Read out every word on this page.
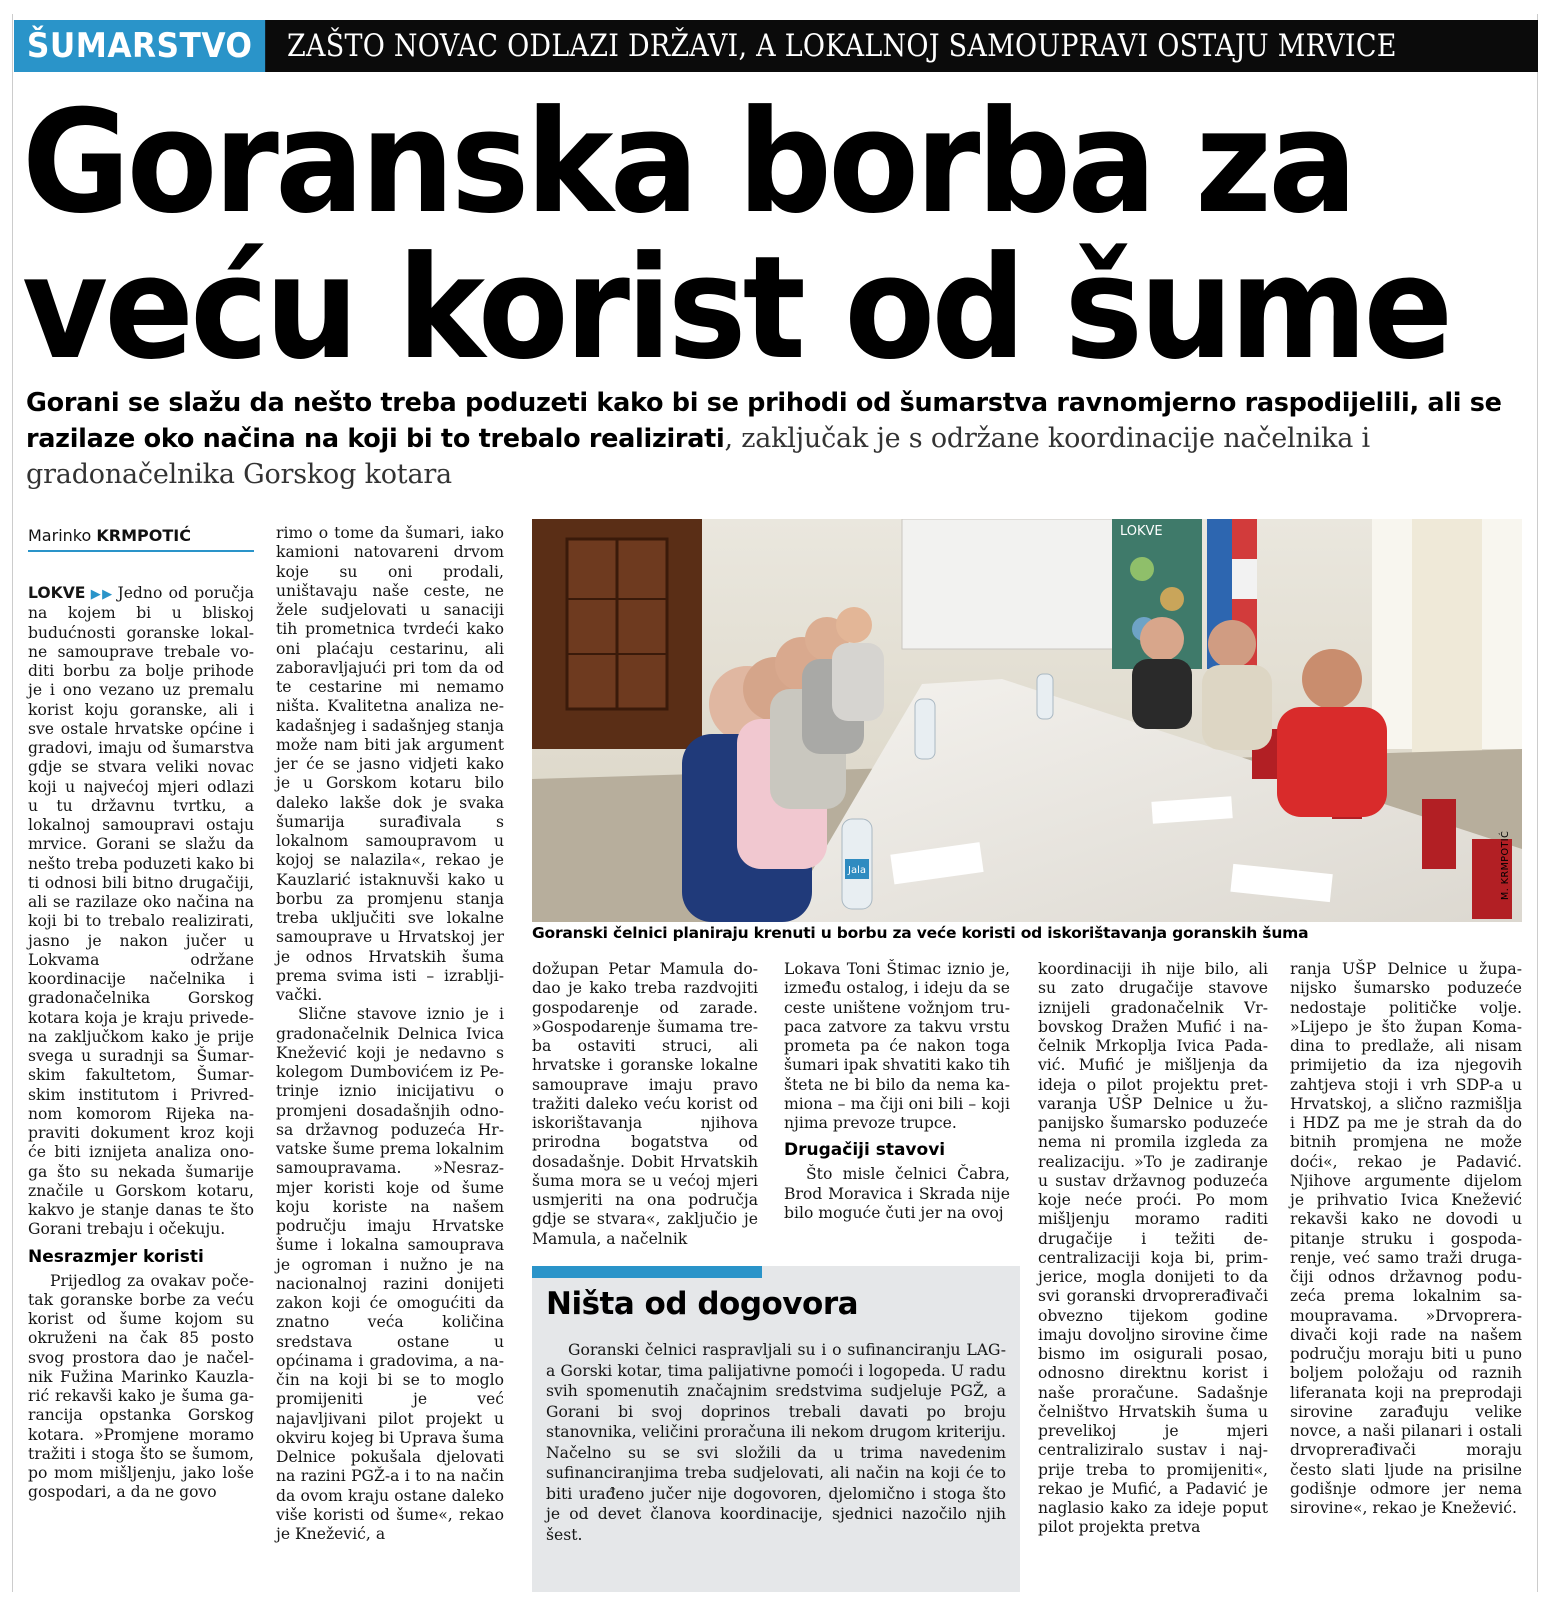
ŠUMARSTVO	ZAŠTO NOVAC ODLAZI DRŽAVI, A LOKALNOJ SAMOUPRAVI OSTAJU MRVICE
Goranska borba za
veću korist od šume
Gorani se slažu da nešto treba poduzeti kako bi se prihodi od šumarstva ravnomjerno raspodijelili, ali se razilaze oko načina na koji bi to trebalo realizirati, zaključak je s održane koordinacije načelnika i gradonačelnika Gorskog kotara
Marinko KRMPOTIĆ

LOKVE ▶▶ Jedno od poručja na kojem bi u bliskoj budućnosti goranske lokalne samouprave trebale voditi borbu za bolje prihode je i ono vezano uz premalu korist koju goranske, ali i sve ostale hrvatske općine i gradovi, imaju od šumarstva gdje se stvara veliki novac koji u najvećoj mjeri odlazi u tu državnu tvrtku, a lokalnoj samoupravi ostaju mrvice. Gorani se slažu da nešto treba poduzeti kako bi ti odnosi bili bitno drugačiji, ali se razilaze oko načina na koji bi to trebalo realizirati, jasno je nakon jučer u Lokvama održane koordinacije načelnika i gradonačelnika Gorskog kotara koja je kraju privedena zaključkom kako je prije svega u suradnji sa Šumarskim fakultetom, Šumarskim institutom i Privrednom komorom Rijeka napraviti dokument kroz koji će biti iznijeta analiza onoga što su nekada šumarije značile u Gorskom kotaru, kakvo je stanje danas te što Gorani trebaju i očekuju.

Nesrazmjer koristi

Prijedlog za ovakav početak goranske borbe za veću korist od šume kojom su okruženi na čak 85 posto svog prostora dao je načelnik Fužina Marinko Kauzlarić rekavši kako je šuma garancija opstanka Gorskog kotara. »Promjene moramo tražiti i stoga što se šumom, po mom mišljenju, jako loše gospodari, a da ne govo

rimo o tome da šumari, iako kamioni natovareni drvom koje su oni prodali, uništavaju naše ceste, ne žele sudjelovati u sanaciji tih prometnica tvrdeći kako oni plaćaju cestarinu, ali zaboravljajući pri tom da od te cestarine mi nemamo ništa. Kvalitetna analiza nekadašnjeg i sadašnjeg stanja može nam biti jak argument jer će se jasno vidjeti kako je u Gorskom kotaru bilo daleko lakše dok je svaka šumarija surađivala s lokalnom samoupravom u kojoj se nalazila«, rekao je Kauzlarić istaknuvši kako u borbu za promjenu stanja treba uključiti sve lokalne samouprave u Hrvatskoj jer je odnos Hrvatskih šuma prema svima isti – izrabljivački.

Slične stavove iznio je i gradonačelnik Delnica Ivica Knežević koji je nedavno s kolegom Dumbovićem iz Petrinje iznio inicijativu o promjeni dosadašnjih odnosa državnog poduzeća Hrvatske šume prema lokalnim samoupravama. »Nesrazmjer koristi koje od šume koju koriste na našem području imaju Hrvatske šume i lokalna samouprava je ogroman i nužno je na nacionalnoj razini donijeti zakon koji će omogućiti da znatno veća količina sredstava ostane u općinama i gradovima, a način na koji bi se to moglo promijeniti je već najavljivani pilot projekt u okviru kojeg bi Uprava šuma Delnice pokušala djelovati na razini PGŽ-a i to na način da ovom kraju ostane daleko više koristi od šume«, rekao je Knežević, a

LOKVE
Jala	M. KRMPOTIĆ
Goranski čelnici planiraju krenuti u borbu za veće koristi od iskorištavanja goranskih šuma

dožupan Petar Mamula dodao je kako treba razdvojiti gospodarenje od zarade. »Gospodarenje šumama treba ostaviti struci, ali hrvatske i goranske lokalne samouprave imaju pravo tražiti daleko veću korist od iskorištavanja njihova prirodna bogatstva od dosadašnje. Dobit Hrvatskih šuma mora se u većoj mjeri usmjeriti na ona područja gdje se stvara«, zaključio je Mamula, a načelnik

Lokava Toni Štimac iznio je, između ostalog, i ideju da se ceste uništene vožnjom trupaca zatvore za takvu vrstu prometa pa će nakon toga šumari ipak shvatiti kako tih šteta ne bi bilo da nema kamiona – ma čiji oni bili – koji njima prevoze trupce.

Drugačiji stavovi

Što misle čelnici Čabra, Brod Moravica i Skrada nije bilo moguće čuti jer na ovoj

Ništa od dogovora

Goranski čelnici raspravljali su i o sufinanciranju LAG-a Gorski kotar, tima palijativne pomoći i logopeda. U radu svih spomenutih značajnim sredstvima sudjeluje PGŽ, a Gorani bi svoj doprinos trebali davati po broju stanovnika, veličini proračuna ili nekom drugom kriteriju. Načelno su se svi složili da u trima navedenim sufinanciranjima treba sudjelovati, ali način na koji će to biti urađeno jučer nije dogovoren, djelomično i stoga što je od devet članova koordinacije, sjednici nazočilo njih šest.

koordinaciji ih nije bilo, ali su zato drugačije stavove iznijeli gradonačelnik Vrbovskog Dražen Mufić i načelnik Mrkoplja Ivica Padavić. Mufić je mišljenja da ideja o pilot projektu pretvaranja UŠP Delnice u županijsko šumarsko poduzeće nema ni promila izgleda za realizaciju. »To je zadiranje u sustav državnog poduzeća koje neće proći. Po mom mišljenju moramo raditi drugačije i težiti decentralizaciji koja bi, primjerice, mogla donijeti to da svi goranski drvoprerađivači obvezno tijekom godine imaju dovoljno sirovine čime bismo im osigurali posao, odnosno direktnu korist i naše proračune. Sadašnje čelništvo Hrvatskih šuma u prevelikoj je mjeri centraliziralo sustav i najprije treba to promijeniti«, rekao je Mufić, a Padavić je naglasio kako za ideje poput pilot projekta pretva

ranja UŠP Delnice u županijsko šumarsko poduzeće nedostaje političke volje. »Lijepo je što župan Komadina to predlaže, ali nisam primijetio da iza njegovih zahtjeva stoji i vrh SDP-a u Hrvatskoj, a slično razmišlja i HDZ pa me je strah da do bitnih promjena ne može doći«, rekao je Padavić. Njihove argumente dijelom je prihvatio Ivica Knežević rekavši kako ne dovodi u pitanje struku i gospodarenje, već samo traži drugačiji odnos državnog poduzeća prema lokalnim samoupravama. »Drvopreradivači koji rade na našem području moraju biti u puno boljem položaju od raznih liferanata koji na preprodaji sirovine zarađuju velike novce, a naši pilanari i ostali drvoprerađivači moraju često slati ljude na prisilne godišnje odmore jer nema sirovine«, rekao je Knežević.
